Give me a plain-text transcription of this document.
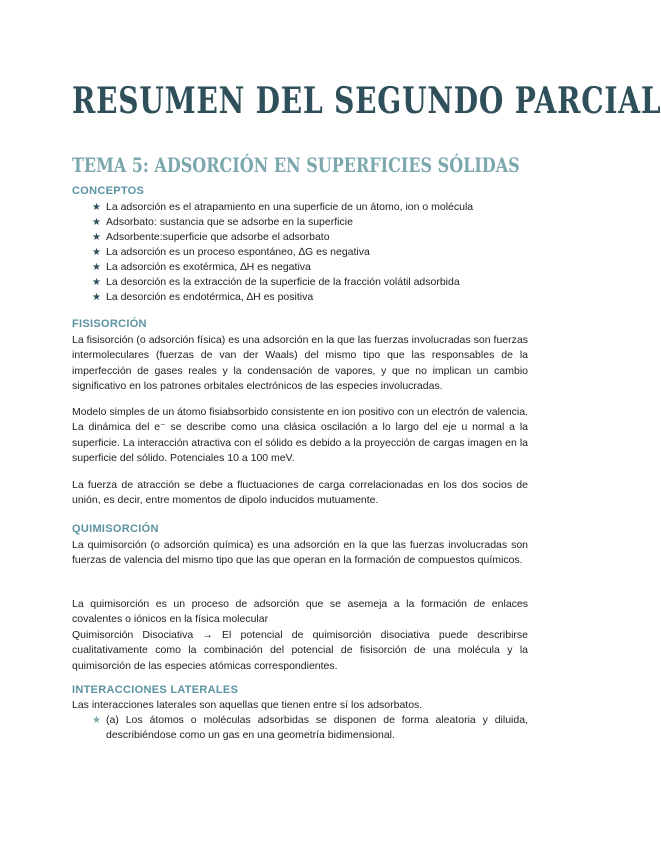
RESUMEN DEL SEGUNDO PARCIAL
TEMA 5: ADSORCIÓN EN SUPERFICIES SÓLIDAS
CONCEPTOS
★ La adsorción es el atrapamiento en una superficie de un átomo, ion o molécula
★ Adsorbato: sustancia que se adsorbe en la superficie
★ Adsorbente:superficie que adsorbe el adsorbato
★ La adsorción es un proceso espontáneo, ∆G es negativa
★ La adsorción es exotérmica, ∆H es negativa
★ La desorción es la extracción de la superficie de la fracción volátil adsorbida
★ La desorción es endotérmica, ∆H es positiva
FISISORCIÓN

La fisisorción (o adsorción física) es una adsorción en la que las fuerzas involucradas son fuerzas intermoleculares (fuerzas de van der Waals) del mismo tipo que las responsables de la imperfección de gases reales y la condensación de vapores, y que no implican un cambio significativo en los patrones orbitales electrónicos de las especies involucradas.

Modelo simples de un átomo fisiabsorbido consistente en ion positivo con un electrón de valencia. La dinámica del e⁻ se describe como una clásica oscilación a lo largo del eje u normal a la superficie. La interacción atractiva con el sólido es debido a la proyección de cargas imagen en la superficie del sólido. Potenciales 10 a 100 meV.

La fuerza de atracción se debe a fluctuaciones de carga correlacionadas en los dos socios de unión, es decir, entre momentos de dipolo inducidos mutuamente.

QUIMISORCIÓN

La quimisorción (o adsorción química) es una adsorción en la que las fuerzas involucradas son fuerzas de valencia del mismo tipo que las que operan en la formación de compuestos químicos.

La quimisorción es un proceso de adsorción que se asemeja a la formación de enlaces covalentes o iónicos en la física molecular

Quimisorción Disociativa → El potencial de quimisorción disociativa puede describirse cualitativamente como la combinación del potencial de fisisorción de una molécula y la quimisorción de las especies atómicas correspondientes.

INTERACCIONES LATERALES

Las interacciones laterales son aquellas que tienen entre sí los adsorbatos.

★ (a) Los átomos o moléculas adsorbidas se disponen de forma aleatoria y diluida, describiéndose como un gas en una geometría bidimensional.
